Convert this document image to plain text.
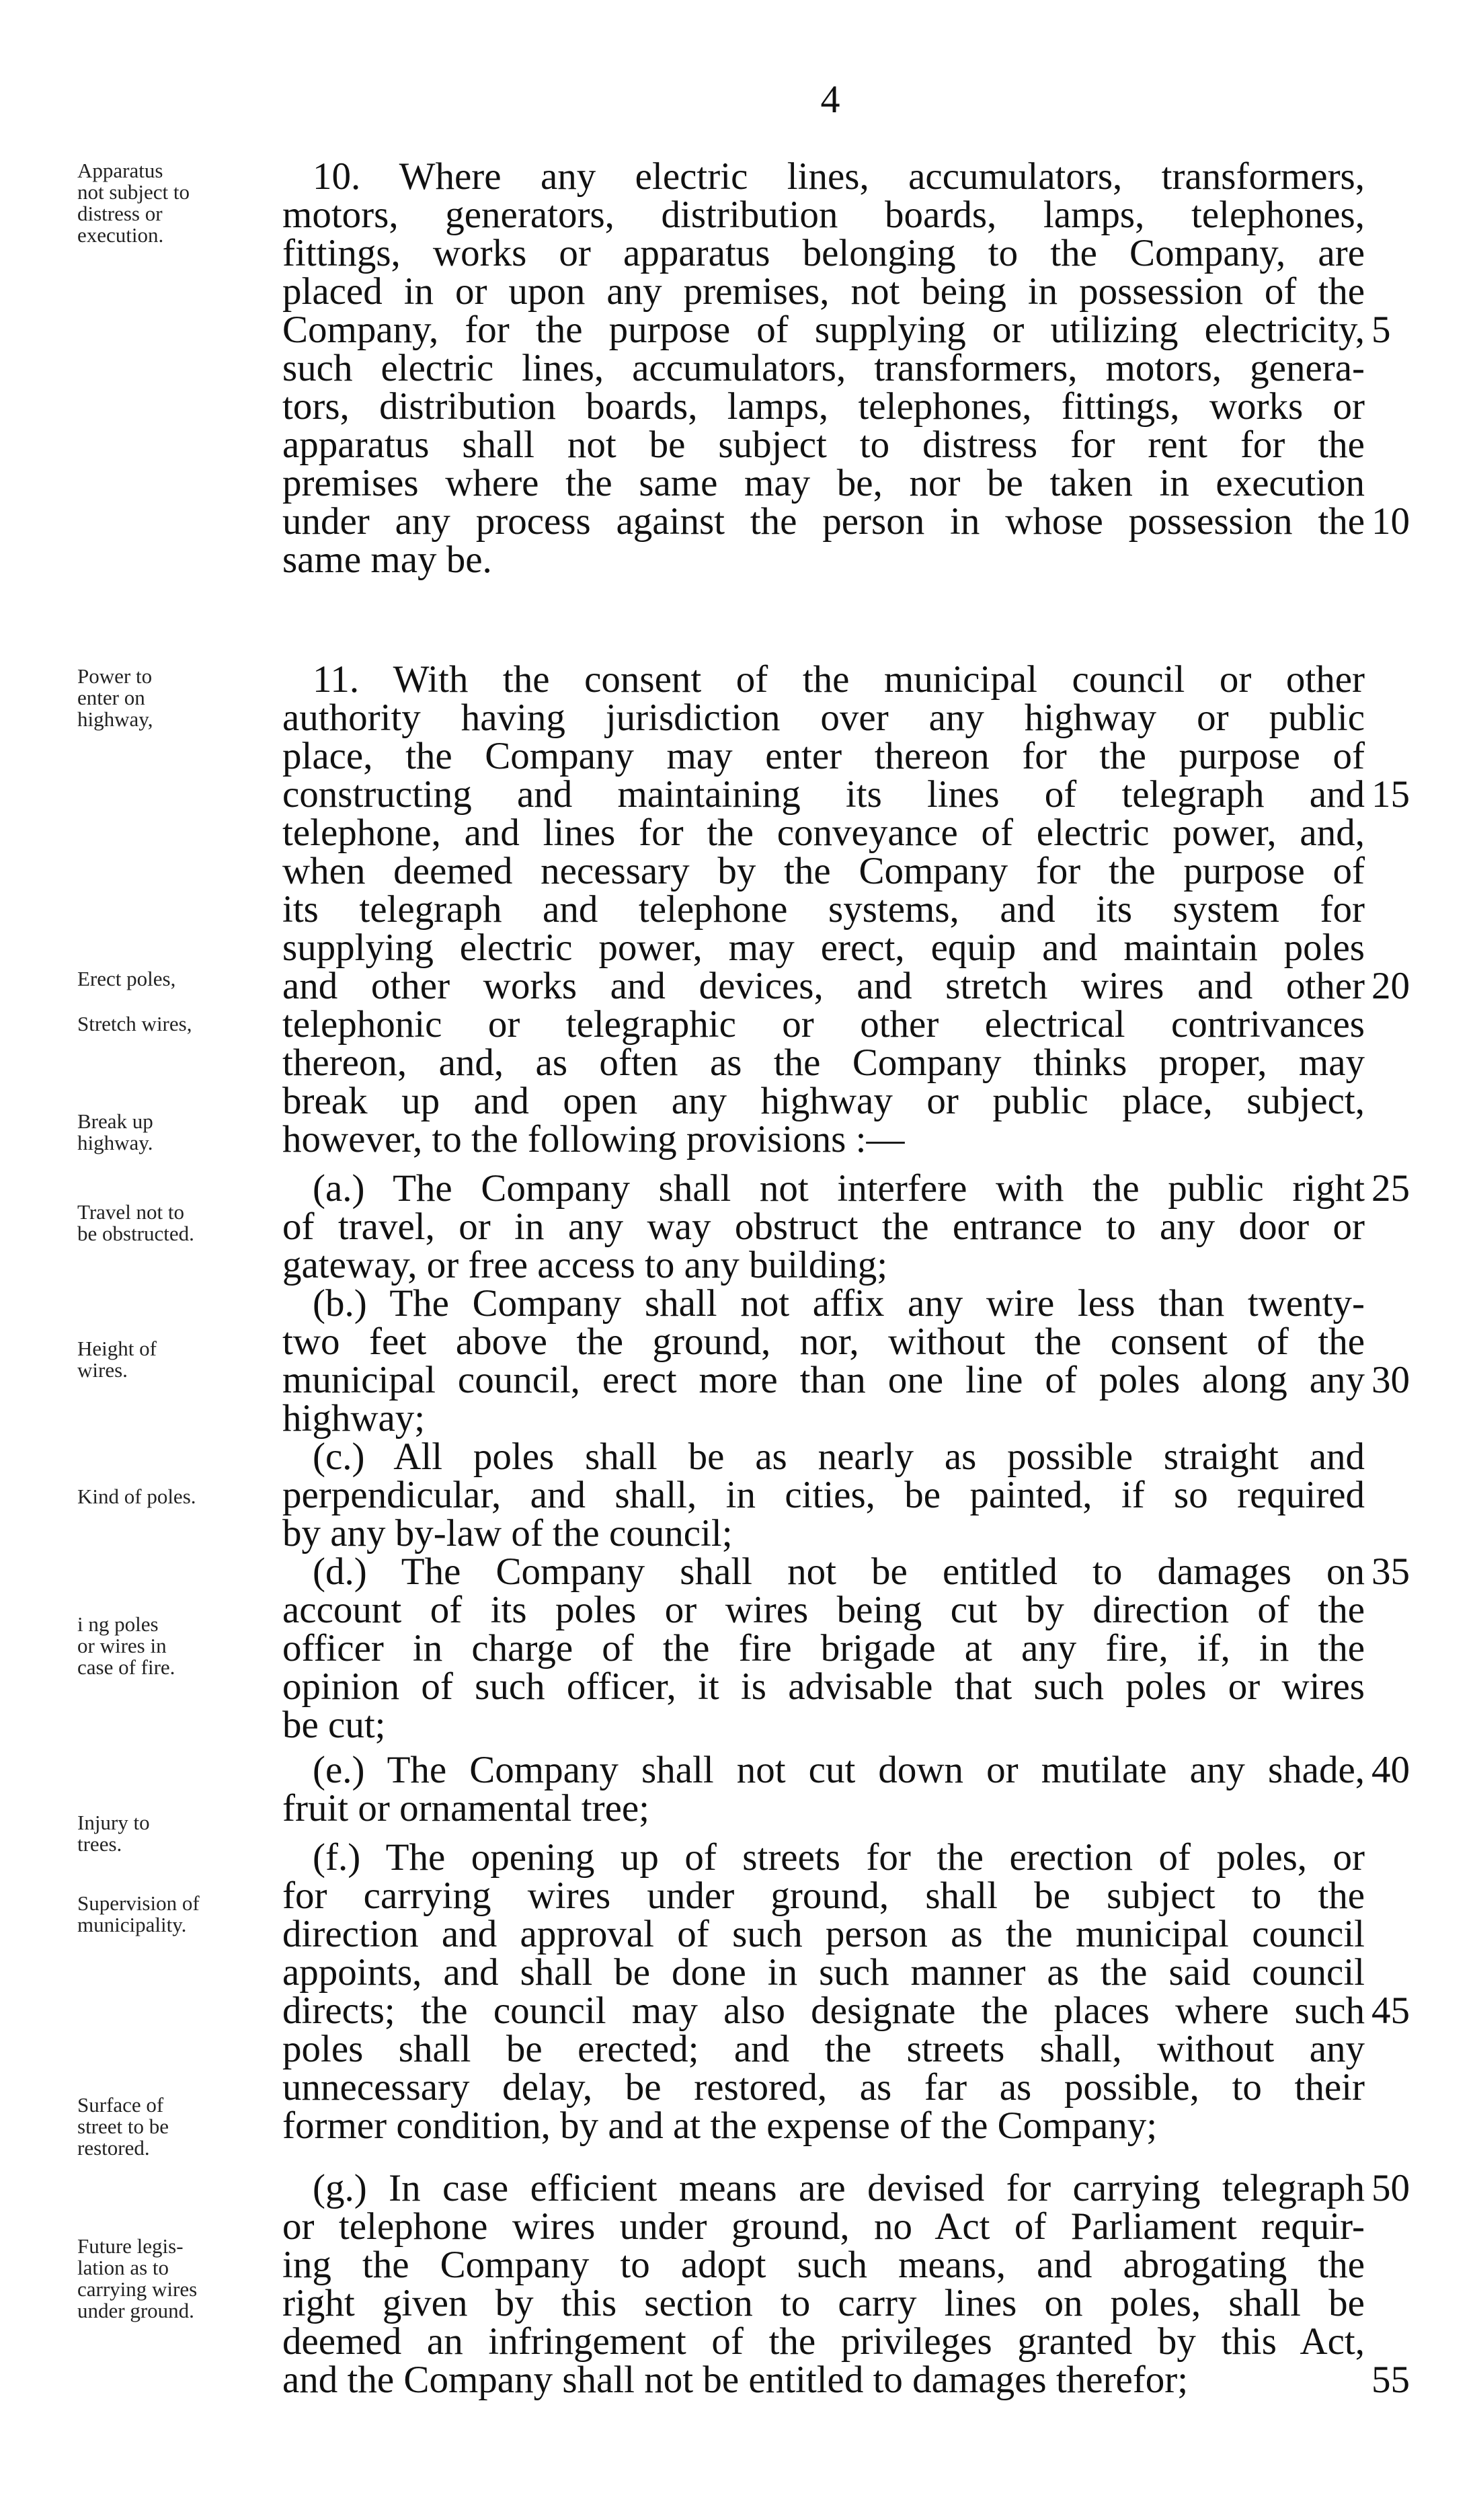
4
Apparatus
not subject to
distress or
execution.
Power to
enter on
highway,
Erect poles,
Stretch wires,
Break up
highway.
Travel not to
be obstructed.
Height of
wires.
Kind of poles.
i ng poles
or wires in
case of fire.
Injury to
trees.
Supervision of
municipality.
Surface of
street to be
restored.
Future legis-
lation as to
carrying wires
under ground.
10. Where any electric lines, accumulators, transformers,
motors, generators, distribution boards, lamps, telephones,
fittings, works or apparatus belonging to the Company, are
placed in or upon any premises, not being in possession of the
Company, for the purpose of supplying or utilizing electricity,
such electric lines, accumulators, transformers, motors, genera-
tors, distribution boards, lamps, telephones, fittings, works or
apparatus shall not be subject to distress for rent for the
premises where the same may be, nor be taken in execution
under any process against the person in whose possession the
same may be.
11. With the consent of the municipal council or other
authority having jurisdiction over any highway or public
place, the Company may enter thereon for the purpose of
constructing and maintaining its lines of telegraph and
telephone, and lines for the conveyance of electric power, and,
when deemed necessary by the Company for the purpose of
its telegraph and telephone systems, and its system for
supplying electric power, may erect, equip and maintain poles
and other works and devices, and stretch wires and other
telephonic or telegraphic or other electrical contrivances
thereon, and, as often as the Company thinks proper, may
break up and open any highway or public place, subject,
however, to the following provisions :—
(a.) The Company shall not interfere with the public right
of travel, or in any way obstruct the entrance to any door or
gateway, or free access to any building;
(b.) The Company shall not affix any wire less than twenty-
two feet above the ground, nor, without the consent of the
municipal council, erect more than one line of poles along any
highway;
(c.) All poles shall be as nearly as possible straight and
perpendicular, and shall, in cities, be painted, if so required
by any by-law of the council;
(d.) The Company shall not be entitled to damages on
account of its poles or wires being cut by direction of the
officer in charge of the fire brigade at any fire, if, in the
opinion of such officer, it is advisable that such poles or wires
be cut;
(e.) The Company shall not cut down or mutilate any shade,
fruit or ornamental tree;
(f.) The opening up of streets for the erection of poles, or
for carrying wires under ground, shall be subject to the
direction and approval of such person as the municipal council
appoints, and shall be done in such manner as the said council
directs; the council may also designate the places where such
poles shall be erected; and the streets shall, without any
unnecessary delay, be restored, as far as possible, to their
former condition, by and at the expense of the Company;
(g.) In case efficient means are devised for carrying telegraph
or telephone wires under ground, no Act of Parliament requir-
ing the Company to adopt such means, and abrogating the
right given by this section to carry lines on poles, shall be
deemed an infringement of the privileges granted by this Act,
and the Company shall not be entitled to damages therefor;
5
10
15
20
25
30
35
40
45
50
55
